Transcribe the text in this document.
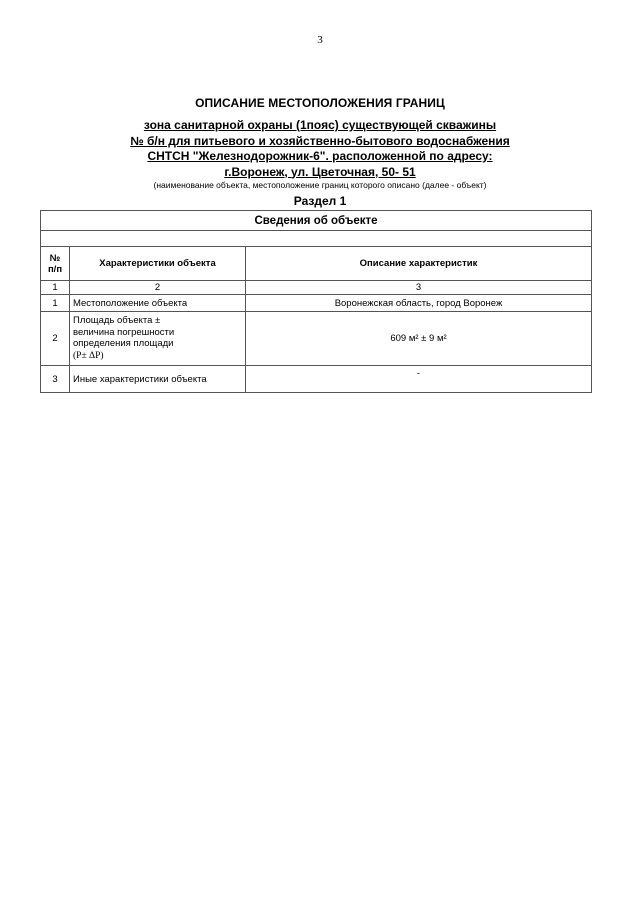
3
ОПИСАНИЕ МЕСТОПОЛОЖЕНИЯ ГРАНИЦ
зона санитарной охраны (1пояс) существующей скважины
№ б/н для питьевого и хозяйственно-бытового водоснабжения
СНТСН "Железнодорожник-6". расположенной по адресу:
г.Воронеж, ул. Цветочная, 50- 51
(наименование объекта, местоположение границ которого описано (далее - объект)
Раздел 1
Сведения об объекте		

№
п/п	Характеристики объекта	Описание характеристик
1	2	3
1	Местоположение объекта	Воронежская область, город Воронеж
2	Площадь объекта ±
величина погрешности
определения площади
(Р± ΔР)	609 м² ± 9 м²
3	Иные характеристики объекта	-
